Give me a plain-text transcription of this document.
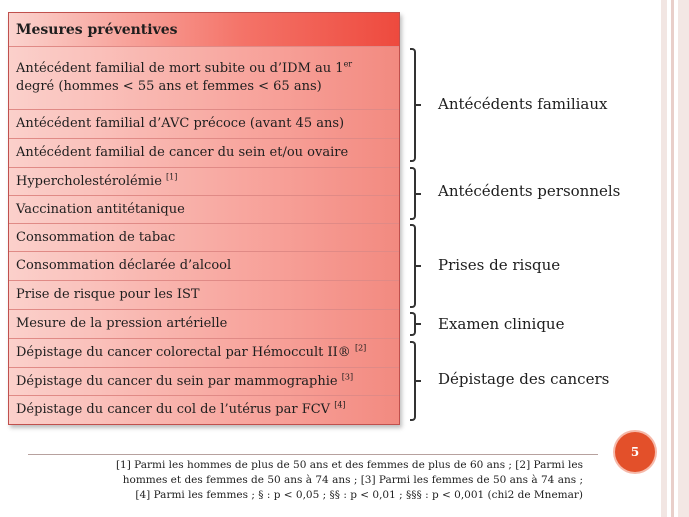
Mesures préventives
Antécédent familial de mort subite ou d’IDM au 1er degré (hommes < 55 ans et femmes < 65 ans)
Antécédent familial d’AVC précoce (avant 45 ans)
Antécédent familial de cancer du sein et/ou ovaire
Hypercholestérolémie [1]
Vaccination antitétanique
Consommation de tabac
Consommation déclarée d’alcool
Prise de risque pour les IST
Mesure de la pression artérielle
Dépistage du cancer colorectal par Hémoccult II® [2]
Dépistage du cancer du sein par mammographie [3]
Dépistage du cancer du col de l’utérus par FCV [4]
Antécédents familiaux
Antécédents personnels
Prises de risque
Examen clinique
Dépistage des cancers
5
[1] Parmi les hommes de plus de 50 ans et des femmes de plus de 60 ans ; [2] Parmi les
hommes et des femmes de 50 ans à 74 ans ; [3] Parmi les femmes de 50 ans à 74 ans ;
[4] Parmi les femmes ; § : p < 0,05 ; §§ : p < 0,01 ; §§§ : p < 0,001 (chi2 de Mnemar)
